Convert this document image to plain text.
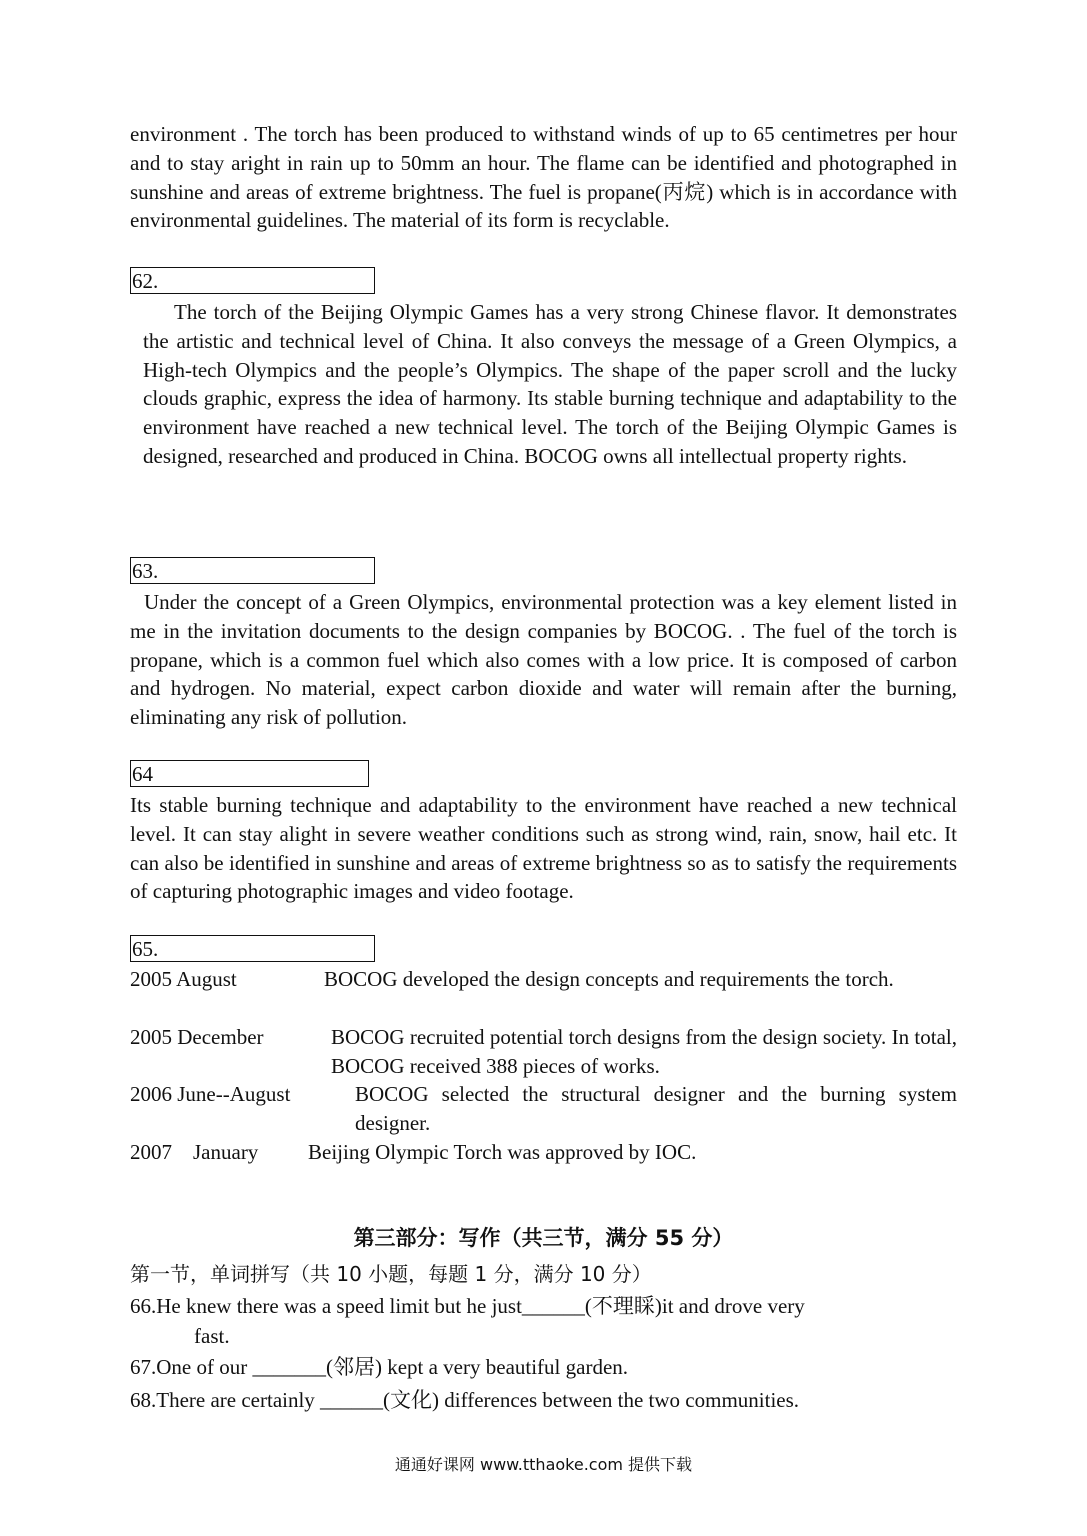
environment . The torch has been produced to withstand winds of up to 65 centimetres per hour and to stay aright in rain up to 50mm an hour. The flame can be identified and photographed in sunshine and areas of extreme brightness. The fuel is propane(丙烷) which is in accordance with environmental guidelines. The material of its form is recyclable.
62.
The torch of the Beijing Olympic Games has a very strong Chinese flavor. It demonstrates the artistic and technical level of China. It also conveys the message of a Green Olympics, a High-tech Olympics and the people’s Olympics. The shape of the paper scroll and the lucky clouds graphic, express the idea of harmony. Its stable burning technique and adaptability to the environment have reached a new technical level. The torch of the Beijing Olympic Games is designed, researched and produced in China. BOCOG owns all intellectual property rights.
63.
Under the concept of a Green Olympics, environmental protection was a key element listed in me in the invitation documents to the design companies by BOCOG. . The fuel of the torch is propane, which is a common fuel which also comes with a low price. It is composed of carbon and hydrogen. No material, expect carbon dioxide and water will remain after the burning, eliminating any risk of pollution.
64
Its stable burning technique and adaptability to the environment have reached a new technical level. It can stay alight in severe weather conditions such as strong wind, rain, snow, hail etc. It can also be identified in sunshine and areas of extreme brightness so as to satisfy the requirements of capturing photographic images and video footage.
65.
2005 August	BOCOG developed the design concepts and requirements the torch.
2005 December	BOCOG recruited potential torch designs from the design society. In total, BOCOG received 388 pieces of works.
2006 June--August	BOCOG selected the structural designer and the burning system designer.
2007    January Beijing Olympic Torch was approved by IOC.
第三部分：写作（共三节，满分 55 分）
第一节，单词拼写（共 10 小题，每题 1 分，满分 10 分）
66.He knew there was a speed limit but he just______(不理睬)it and drove very
fast.
67.One of our _______(邻居) kept a very beautiful garden.
68.There are certainly ______(文化) differences between the two communities.
通通好课网 www.tthaoke.com 提供下载
